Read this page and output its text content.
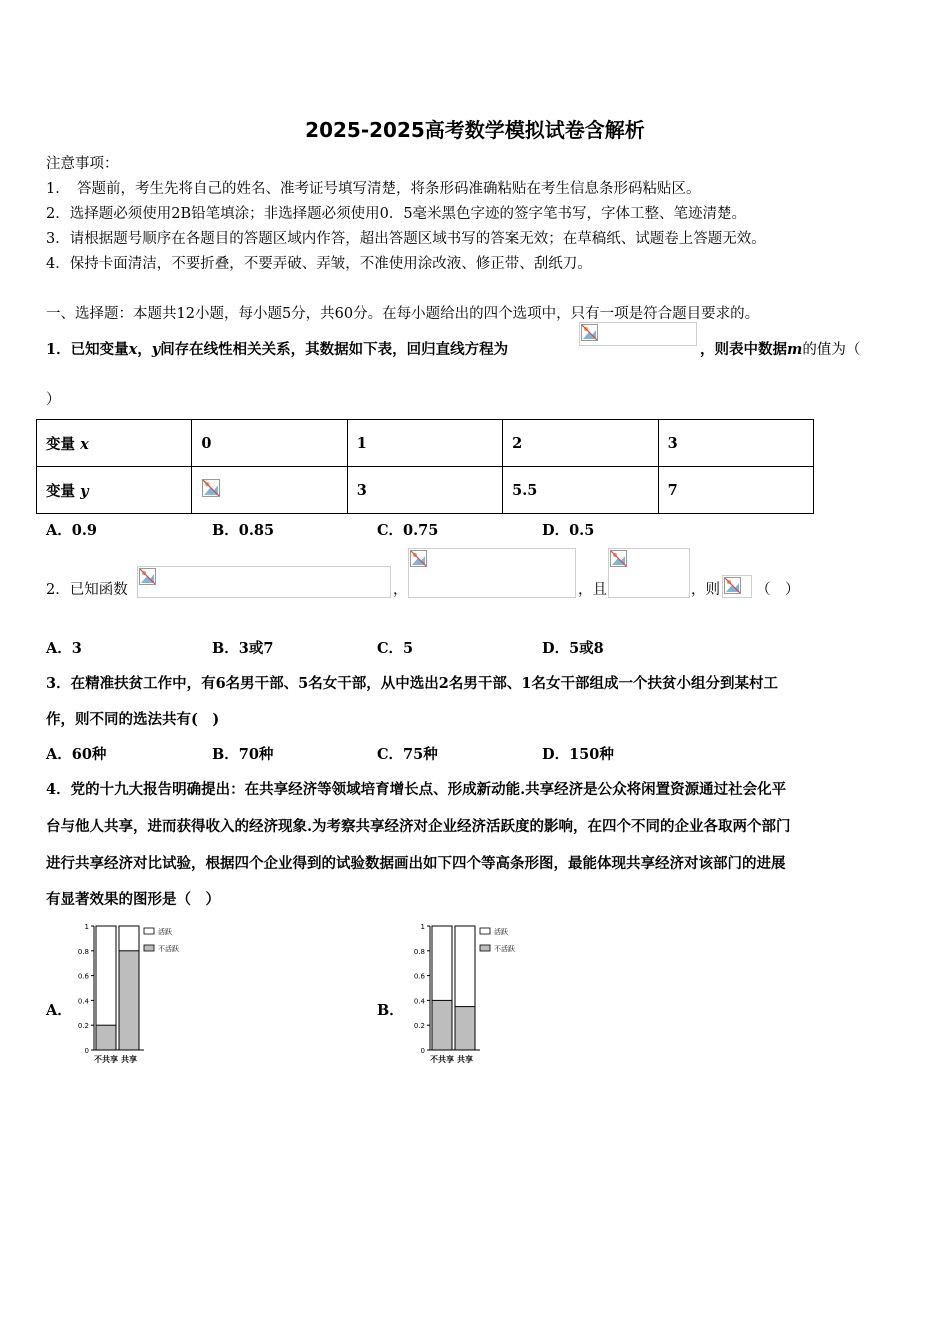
2025-2025高考数学模拟试卷含解析
注意事项：
1．　答题前，考生先将自己的姓名、准考证号填写清楚，将条形码准确粘贴在考生信息条形码粘贴区。
2．选择题必须使用2B铅笔填涂；非选择题必须使用0．5毫米黑色字迹的签字笔书写，字体工整、笔迹清楚。
3．请根据题号顺序在各题目的答题区域内作答，超出答题区域书写的答案无效；在草稿纸、试题卷上答题无效。
4．保持卡面清洁，不要折叠，不要弄破、弄皱，不准使用涂改液、修正带、刮纸刀。
一、选择题：本题共12小题，每小题5分，共60分。在每小题给出的四个选项中，只有一项是符合题目要求的。
1．已知变量x，y间存在线性相关关系，其数据如下表，回归直线方程为	，则表中数据m的值为（
）
变量 x	0	1	2	3
变量 y		3	5.5	7
A．0.9	B．0.85	C．0.75	D．0.5
2．已知函数	，	，且	，则 （　）
A．3	B．3或7	C．5	D．5或8
3．在精准扶贫工作中，有6名男干部、5名女干部，从中选出2名男干部、1名女干部组成一个扶贫小组分到某村工
作，则不同的选法共有(　)
A．60种	B．70种	C．75种	D．150种
4．党的十九大报告明确提出：在共享经济等领域培育增长点、形成新动能.共享经济是公众将闲置资源通过社会化平
台与他人共享，进而获得收入的经济现象.为考察共享经济对企业经济活跃度的影响，在四个不同的企业各取两个部门
进行共享经济对比试验，根据四个企业得到的试验数据画出如下四个等高条形图，最能体现共享经济对该部门的进展
有显著效果的图形是（　）
A．	B．
0
0.2
0.4
0.6
0.8
1
不共享 共享
活跃
不活跃
0
0.2
0.4
0.6
0.8
1
不共享 共享
活跃
不活跃
